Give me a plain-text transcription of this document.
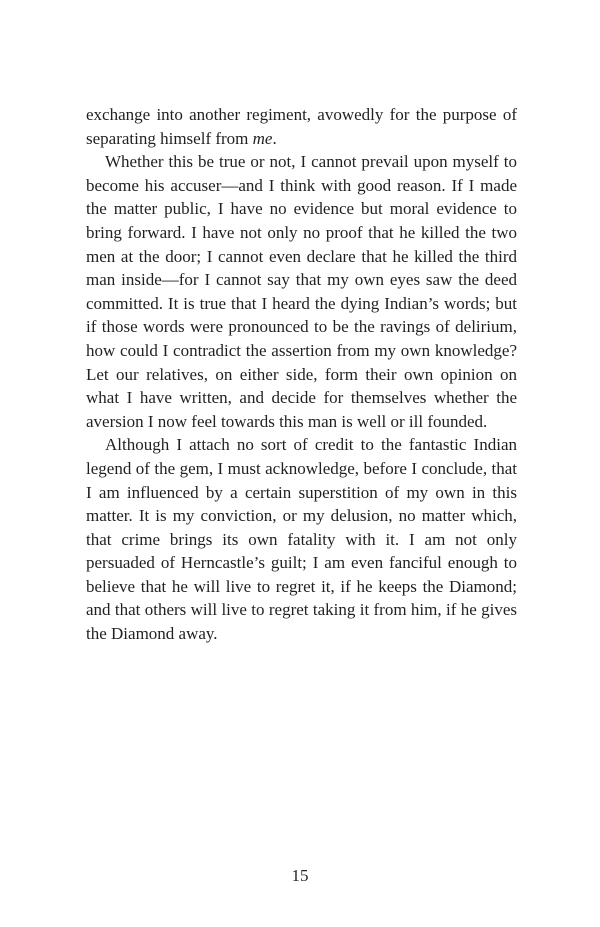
exchange into another regiment, avowedly for the purpose of separating himself from me.

Whether this be true or not, I cannot prevail upon myself to become his accuser—and I think with good reason. If I made the matter public, I have no evidence but moral evidence to bring forward. I have not only no proof that he killed the two men at the door; I cannot even declare that he killed the third man inside—for I cannot say that my own eyes saw the deed committed. It is true that I heard the dying Indian’s words; but if those words were pronounced to be the ravings of delirium, how could I contradict the assertion from my own knowledge? Let our relatives, on either side, form their own opinion on what I have written, and decide for themselves whether the aversion I now feel towards this man is well or ill founded.

Although I attach no sort of credit to the fantastic Indian legend of the gem, I must acknowledge, before I conclude, that I am influenced by a certain superstition of my own in this matter. It is my conviction, or my delusion, no matter which, that crime brings its own fatality with it. I am not only persuaded of Herncastle’s guilt; I am even fanciful enough to believe that he will live to regret it, if he keeps the Diamond; and that others will live to regret taking it from him, if he gives the Diamond away.

15
